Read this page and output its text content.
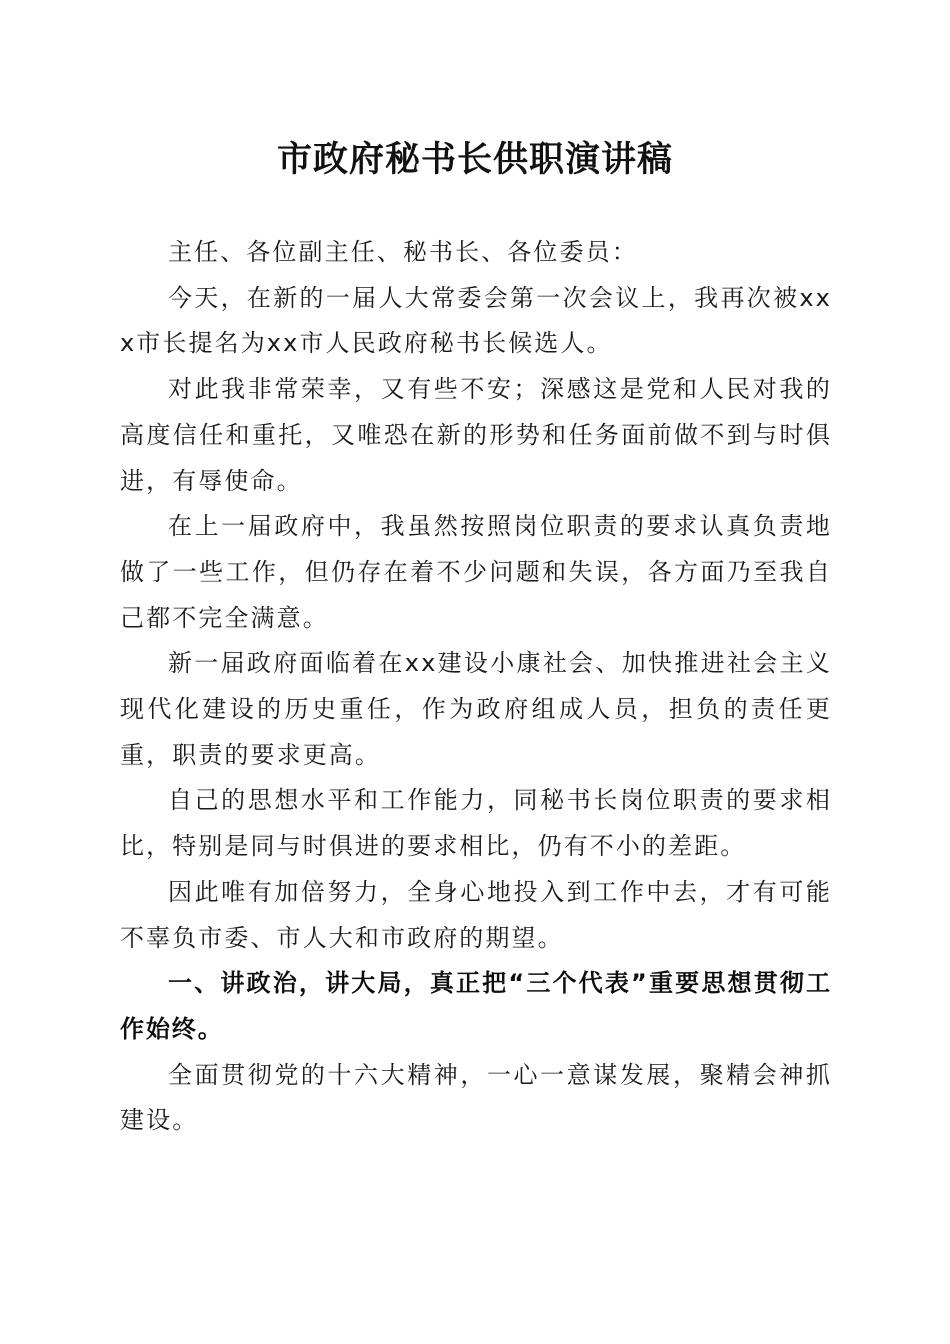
市政府秘书长供职演讲稿

主任、各位副主任、秘书长、各位委员：

今天，在新的一届人大常委会第一次会议上，我再次被xxx市长提名为xx市人民政府秘书长候选人。

对此我非常荣幸，又有些不安；深感这是党和人民对我的高度信任和重托，又唯恐在新的形势和任务面前做不到与时俱进，有辱使命。

在上一届政府中，我虽然按照岗位职责的要求认真负责地做了一些工作，但仍存在着不少问题和失误，各方面乃至我自己都不完全满意。

新一届政府面临着在xx建设小康社会、加快推进社会主义现代化建设的历史重任，作为政府组成人员，担负的责任更重，职责的要求更高。

自己的思想水平和工作能力，同秘书长岗位职责的要求相比，特别是同与时俱进的要求相比，仍有不小的差距。

因此唯有加倍努力，全身心地投入到工作中去，才有可能不辜负市委、市人大和市政府的期望。

一、讲政治，讲大局，真正把“三个代表”重要思想贯彻工作始终。

全面贯彻党的十六大精神，一心一意谋发展，聚精会神抓建设。
